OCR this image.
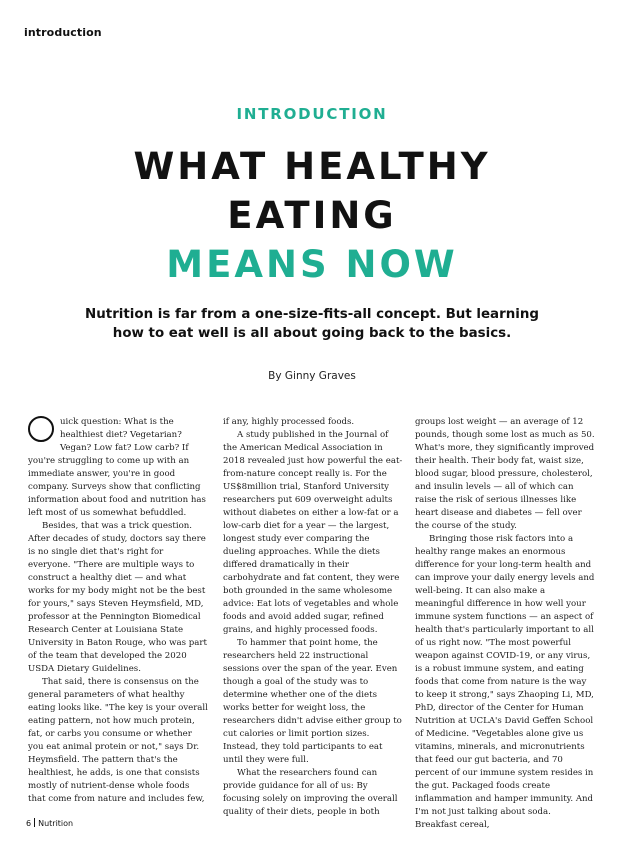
introduction
INTRODUCTION
WHAT HEALTHY
EATING
MEANS NOW
Nutrition is far from a one-size-fits-all concept. But learning how to eat well is all about going back to the basics.
By Ginny Graves

uick question: What is the healthiest diet? Vegetarian? Vegan? Low fat? Low carb? If you're struggling to come up with an immediate answer, you're in good company. Surveys show that conflicting information about food and nutrition has left most of us somewhat befuddled.

Besides, that was a trick question. After decades of study, doctors say there is no single diet that's right for everyone. "There are multiple ways to construct a healthy diet — and what works for my body might not be the best for yours," says Steven Heymsfield, MD, professor at the Pennington Biomedical Research Center at Louisiana State University in Baton Rouge, who was part of the team that developed the 2020 USDA Dietary Guidelines.

That said, there is consensus on the general parameters of what healthy eating looks like. "The key is your overall eating pattern, not how much protein, fat, or carbs you consume or whether you eat animal protein or not," says Dr. Heymsfield. The pattern that's the healthiest, he adds, is one that consists mostly of nutrient-dense whole foods that come from nature and includes few,

if any, highly processed foods.

A study published in the Journal of the American Medical Association in 2018 revealed just how powerful the eat-from-nature concept really is. For the US$8million trial, Stanford University researchers put 609 overweight adults without diabetes on either a low-fat or a low-carb diet for a year — the largest, longest study ever comparing the dueling approaches. While the diets differed dramatically in their carbohydrate and fat content, they were both grounded in the same wholesome advice: Eat lots of vegetables and whole foods and avoid added sugar, refined grains, and highly processed foods.

To hammer that point home, the researchers held 22 instructional sessions over the span of the year. Even though a goal of the study was to determine whether one of the diets works better for weight loss, the researchers didn't advise either group to cut calories or limit portion sizes. Instead, they told participants to eat until they were full.

What the researchers found can provide guidance for all of us: By focusing solely on improving the overall quality of their diets, people in both

groups lost weight — an average of 12 pounds, though some lost as much as 50. What's more, they significantly improved their health. Their body fat, waist size, blood sugar, blood pressure, cholesterol, and insulin levels — all of which can raise the risk of serious illnesses like heart disease and diabetes — fell over the course of the study.

Bringing those risk factors into a healthy range makes an enormous difference for your long-term health and can improve your daily energy levels and well-being. It can also make a meaningful difference in how well your immune system functions — an aspect of health that's particularly important to all of us right now. "The most powerful weapon against COVID-19, or any virus, is a robust immune system, and eating foods that come from nature is the way to keep it strong," says Zhaoping Li, MD, PhD, director of the Center for Human Nutrition at UCLA's David Geffen School of Medicine. "Vegetables alone give us vitamins, minerals, and micronutrients that feed our gut bacteria, and 70 percent of our immune system resides in the gut. Packaged foods create inflammation and hamper immunity. And I'm not just talking about soda. Breakfast cereal,

6 Nutrition
